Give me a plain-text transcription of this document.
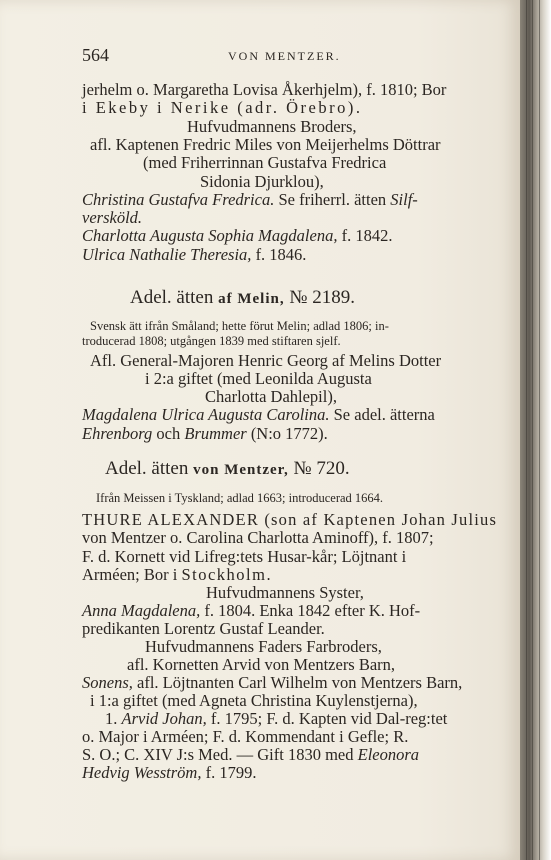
564	VON MENTZER.
jerhelm o. Margaretha Lovisa Åkerhjelm), f. 1810; Bor
i Ekeby i Nerike (adr. Örebro).
Hufvudmannens Broders,
afl. Kaptenen Fredric Miles von Meijerhelms Döttrar
(med Friherrinnan Gustafva Fredrica
Sidonia Djurklou),
Christina Gustafva Fredrica. Se friherrl. ätten Silf-
versköld.
Charlotta Augusta Sophia Magdalena, f. 1842.
Ulrica Nathalie Theresia, f. 1846.
Adel. ätten af Melin, № 2189.
Svensk ätt ifrån Småland; hette förut Melin; adlad 1806; in-
troducerad 1808; utgången 1839 med stiftaren sjelf.
Afl. General-Majoren Henric Georg af Melins Dotter
i 2:a giftet (med Leonilda Augusta
Charlotta Dahlepil),
Magdalena Ulrica Augusta Carolina. Se adel. ätterna
Ehrenborg och Brummer (N:o 1772).
Adel. ätten von Mentzer, № 720.
Ifrån Meissen i Tyskland; adlad 1663; introducerad 1664.
THURE ALEXANDER (son af Kaptenen Johan Julius
von Mentzer o. Carolina Charlotta Aminoff), f. 1807;
F. d. Kornett vid Lifreg:tets Husar-kår; Löjtnant i
Arméen; Bor i Stockholm.
Hufvudmannens Syster,
Anna Magdalena, f. 1804. Enka 1842 efter K. Hof-
predikanten Lorentz Gustaf Leander.
Hufvudmannens Faders Farbroders,
afl. Kornetten Arvid von Mentzers Barn,
Sonens, afl. Löjtnanten Carl Wilhelm von Mentzers Barn,
i 1:a giftet (med Agneta Christina Kuylenstjerna),
1. Arvid Johan, f. 1795; F. d. Kapten vid Dal-reg:tet
o. Major i Arméen; F. d. Kommendant i Gefle; R.
S. O.; C. XIV J:s Med. — Gift 1830 med Eleonora
Hedvig Wesström, f. 1799.
